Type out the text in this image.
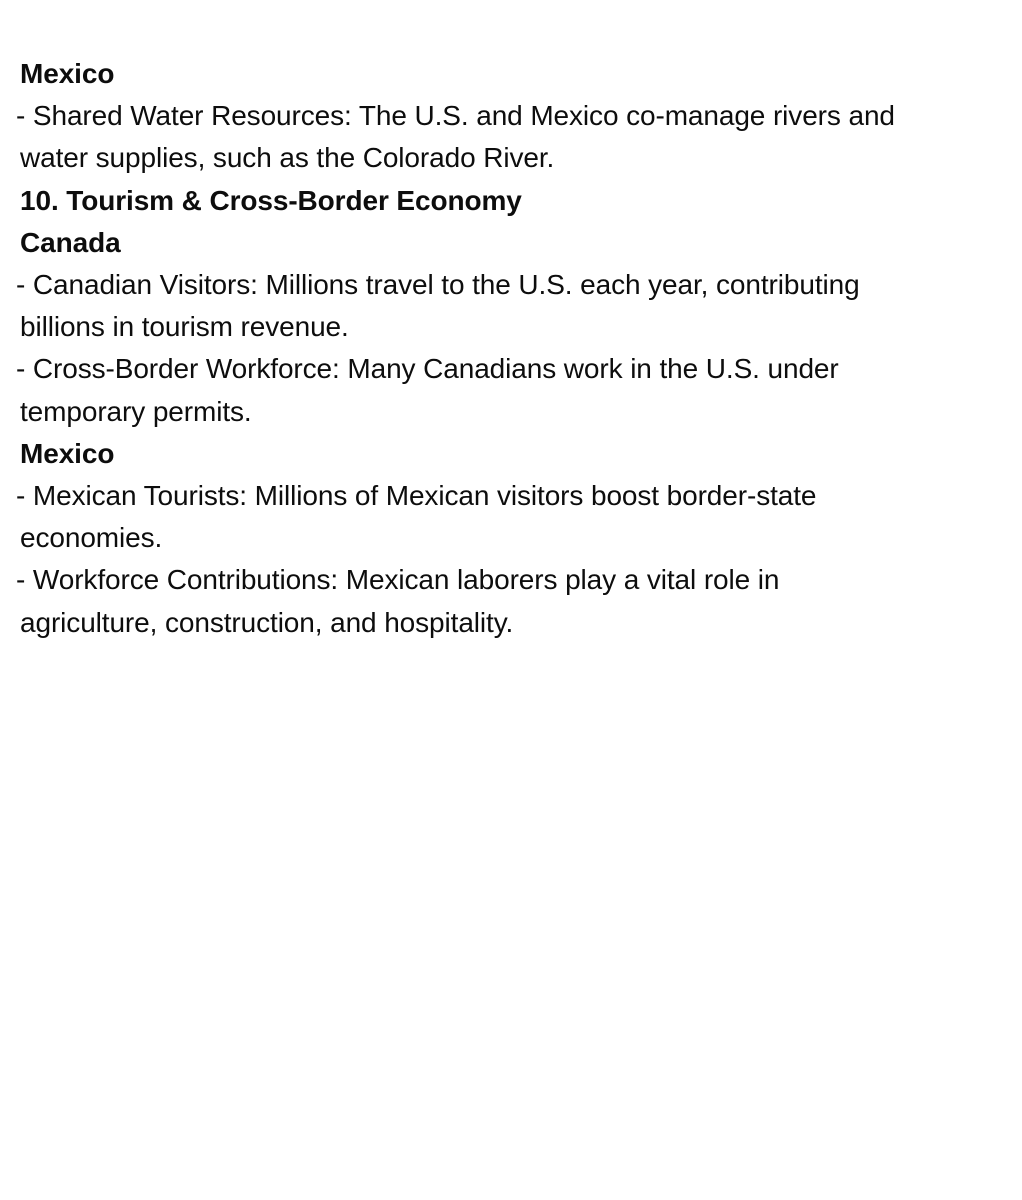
Mexico
- Shared Water Resources: The U.S. and Mexico co-manage rivers and
water supplies, such as the Colorado River.
10. Tourism & Cross-Border Economy
Canada
- Canadian Visitors: Millions travel to the U.S. each year, contributing
billions in tourism revenue.
- Cross-Border Workforce: Many Canadians work in the U.S. under
temporary permits.
Mexico
- Mexican Tourists: Millions of Mexican visitors boost border-state
economies.
- Workforce Contributions: Mexican laborers play a vital role in
agriculture, construction, and hospitality.
